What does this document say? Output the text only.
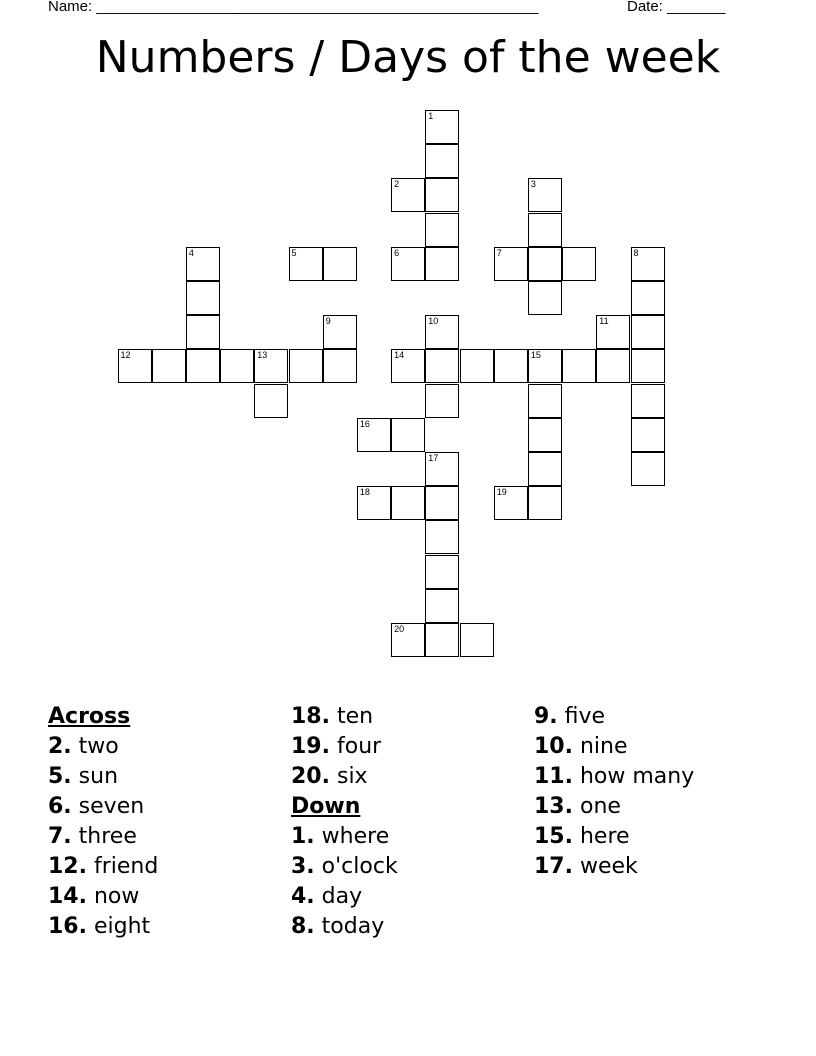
Name: _____________________________________________________	Date: _______
Numbers / Days of the week
1
2	3
4	5	6	7	8
9	10	11
12	13	14	15
16
17
18	19
20
Across
2. two
5. sun
6. seven
7. three
12. friend
14. now
16. eight
18. ten
19. four
20. six
Down
1. where
3. o'clock
4. day
8. today
9. five
10. nine
11. how many
13. one
15. here
17. week
